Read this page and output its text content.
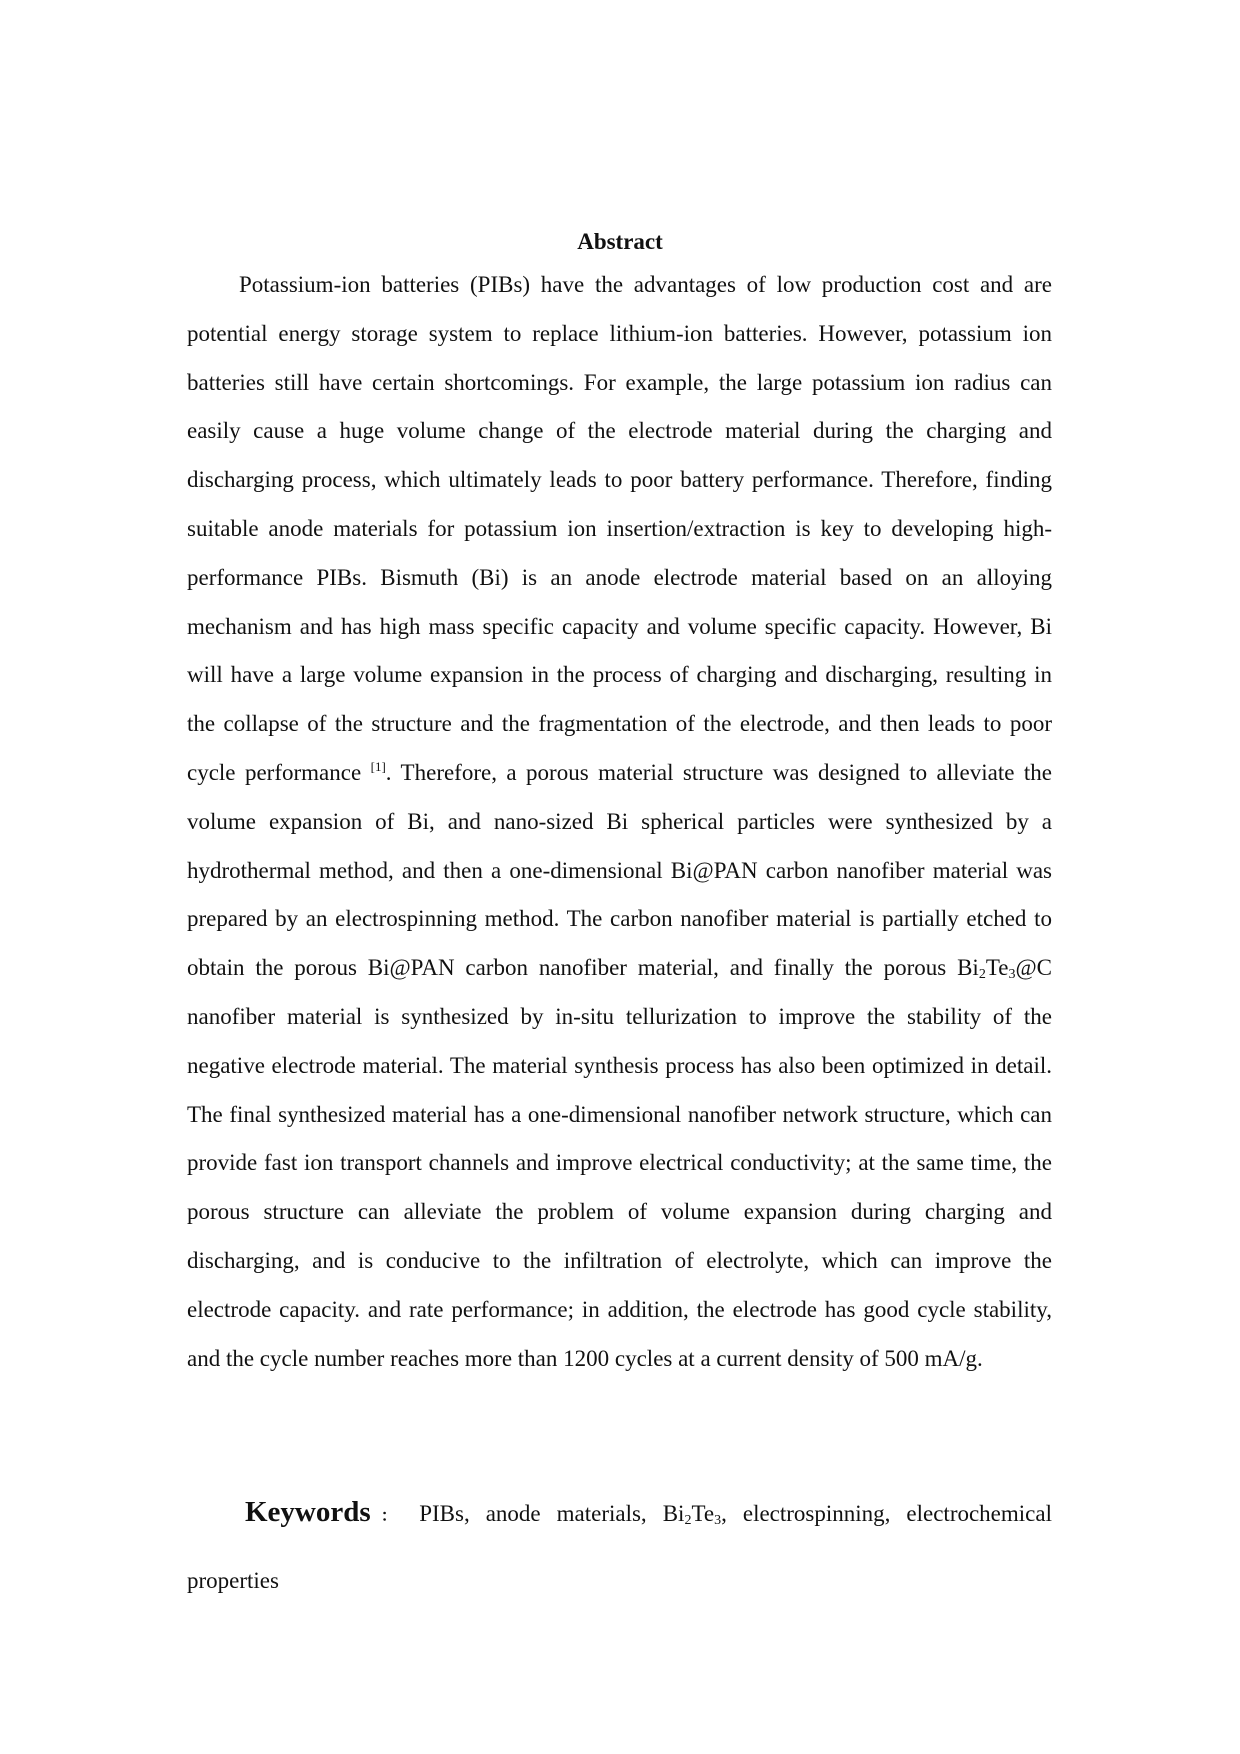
Abstract

Potassium-ion batteries (PIBs) have the advantages of low production cost and are potential energy storage system to replace lithium-ion batteries. However, potassium ion batteries still have certain shortcomings. For example, the large potassium ion radius can easily cause a huge volume change of the electrode material during the charging and discharging process, which ultimately leads to poor battery performance. Therefore, finding suitable anode materials for potassium ion insertion/extraction is key to developing high-performance PIBs. Bismuth (Bi) is an anode electrode material based on an alloying mechanism and has high mass specific capacity and volume specific capacity. However, Bi will have a large volume expansion in the process of charging and discharging, resulting in the collapse of the structure and the fragmentation of the electrode, and then leads to poor cycle performance [1]. Therefore, a porous material structure was designed to alleviate the volume expansion of Bi, and nano-sized Bi spherical particles were synthesized by a hydrothermal method, and then a one-dimensional Bi@PAN carbon nanofiber material was prepared by an electrospinning method. The carbon nanofiber material is partially etched to obtain the porous Bi@PAN carbon nanofiber material, and finally the porous $Bi_2Te_3@C$ nanofiber material is synthesized by in-situ tellurization to improve the stability of the negative electrode material. The material synthesis process has also been optimized in detail. The final synthesized material has a one-dimensional nanofiber network structure, which can provide fast ion transport channels and improve electrical conductivity; at the same time, the porous structure can alleviate the problem of volume expansion during charging and discharging, and is conducive to the infiltration of electrolyte, which can improve the electrode capacity. and rate performance; in addition, the electrode has good cycle stability, and the cycle number reaches more than 1200 cycles at a current density of 500 mA/g.

Keywords： PIBs, anode materials, $Bi_2Te_3$, electrospinning, electrochemical properties
